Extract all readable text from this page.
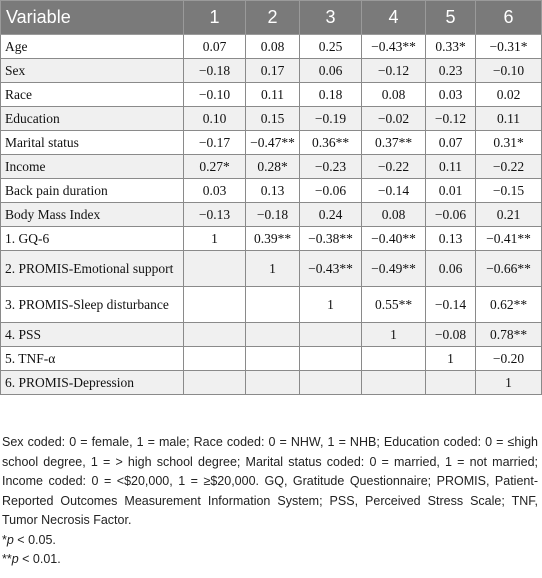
Variable	1	2	3	4	5	6
Age	0.07	0.08	0.25	−0.43**	0.33*	−0.31*
Sex	−0.18	0.17	0.06	−0.12	0.23	−0.10
Race	−0.10	0.11	0.18	0.08	0.03	0.02
Education	0.10	0.15	−0.19	−0.02	−0.12	0.11
Marital status	−0.17	−0.47**	0.36**	0.37**	0.07	0.31*
Income	0.27*	0.28*	−0.23	−0.22	0.11	−0.22
Back pain duration	0.03	0.13	−0.06	−0.14	0.01	−0.15
Body Mass Index	−0.13	−0.18	0.24	0.08	−0.06	0.21
1. GQ-6	1	0.39**	−0.38**	−0.40**	0.13	−0.41**
2. PROMIS-Emotional support		1	−0.43**	−0.49**	0.06	−0.66**
3. PROMIS-Sleep disturbance			1	0.55**	−0.14	0.62**
4. PSS				1	−0.08	0.78**
5. TNF-α					1	−0.20
6. PROMIS-Depression						1

Sex coded: 0 = female, 1 = male; Race coded: 0 = NHW, 1 = NHB; Education coded: 0 = ≤high school degree, 1 = > high school degree; Marital status coded: 0 = married, 1 = not married; Income coded: 0 = <$20,000, 1 = ≥$20,000. GQ, Gratitude Questionnaire; PROMIS, Patient-Reported Outcomes Measurement Information System; PSS, Perceived Stress Scale; TNF, Tumor Necrosis Factor.

*p < 0.05.

**p < 0.01.
